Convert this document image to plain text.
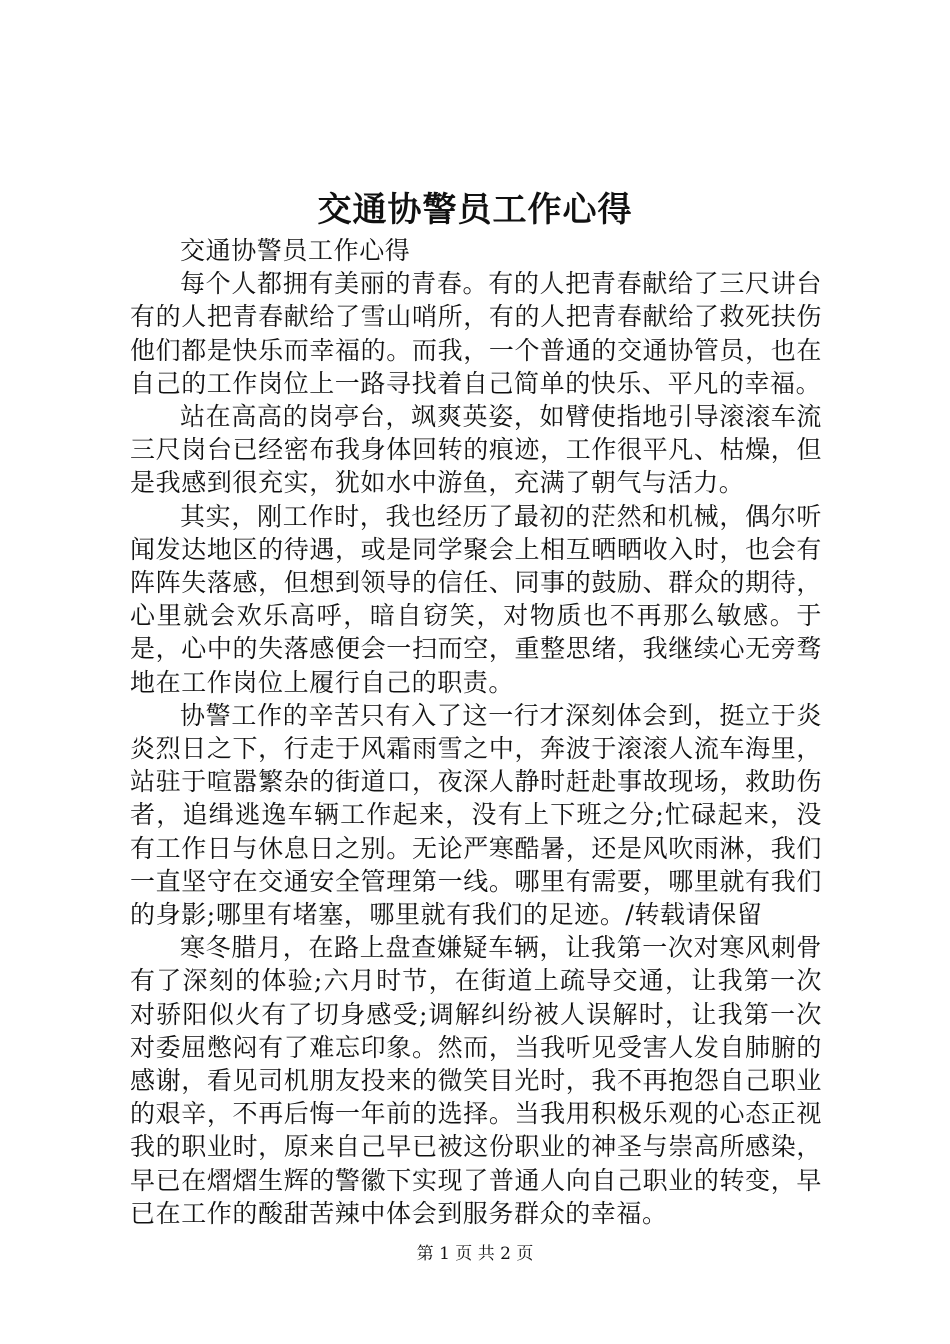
交通协警员工作心得

交通协警员工作心得

每个人都拥有美丽的青春。有的人把青春献给了三尺讲台有的人把青春献给了雪山哨所，有的人把青春献给了救死扶伤他们都是快乐而幸福的。而我，一个普通的交通协管员，也在自己的工作岗位上一路寻找着自己简单的快乐、平凡的幸福。

站在高高的岗亭台，飒爽英姿，如臂使指地引导滚滚车流三尺岗台已经密布我身体回转的痕迹，工作很平凡、枯燥，但是我感到很充实，犹如水中游鱼，充满了朝气与活力。

其实，刚工作时，我也经历了最初的茫然和机械，偶尔听闻发达地区的待遇，或是同学聚会上相互晒晒收入时，也会有阵阵失落感，但想到领导的信任、同事的鼓励、群众的期待，心里就会欢乐高呼，暗自窃笑，对物质也不再那么敏感。于是，心中的失落感便会一扫而空，重整思绪，我继续心无旁骛地在工作岗位上履行自己的职责。

协警工作的辛苦只有入了这一行才深刻体会到，挺立于炎炎烈日之下，行走于风霜雨雪之中，奔波于滚滚人流车海里，站驻于喧嚣繁杂的街道口，夜深人静时赶赴事故现场，救助伤者，追缉逃逸车辆工作起来，没有上下班之分;忙碌起来，没有工作日与休息日之别。无论严寒酷暑，还是风吹雨淋，我们一直坚守在交通安全管理第一线。哪里有需要，哪里就有我们的身影;哪里有堵塞，哪里就有我们的足迹。/转载请保留

寒冬腊月，在路上盘查嫌疑车辆，让我第一次对寒风刺骨有了深刻的体验;六月时节，在街道上疏导交通，让我第一次对骄阳似火有了切身感受;调解纠纷被人误解时，让我第一次对委屈憋闷有了难忘印象。然而，当我听见受害人发自肺腑的感谢，看见司机朋友投来的微笑目光时，我不再抱怨自己职业的艰辛，不再后悔一年前的选择。当我用积极乐观的心态正视我的职业时，原来自己早已被这份职业的神圣与崇高所感染，早已在熠熠生辉的警徽下实现了普通人向自己职业的转变，早已在工作的酸甜苦辣中体会到服务群众的幸福。

第 1 页 共 2 页
